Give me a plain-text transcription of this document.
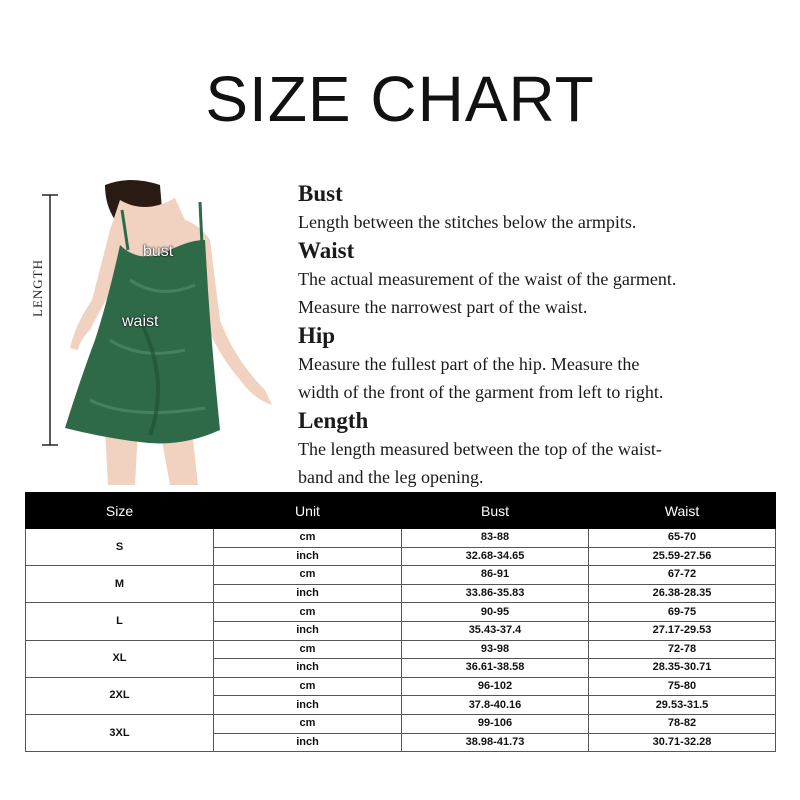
SIZE CHART
LENGTH
bust
waist
Bust

Length between the stitches below the armpits.

Waist

The actual measurement of the waist of the garment.

Measure the narrowest part of the waist.

Hip

Measure the fullest part of the hip. Measure the

width of the front of the garment from left to right.

Length

The length measured between the top of the waist-

band and the leg opening.

Size	Unit	Bust	Waist
S	cm	83-88	65-70
	inch	32.68-34.65	25.59-27.56
M	cm	86-91	67-72
	inch	33.86-35.83	26.38-28.35
L	cm	90-95	69-75
	inch	35.43-37.4	27.17-29.53
XL	cm	93-98	72-78
	inch	36.61-38.58	28.35-30.71
2XL	cm	96-102	75-80
	inch	37.8-40.16	29.53-31.5
3XL	cm	99-106	78-82
	inch	38.98-41.73	30.71-32.28
